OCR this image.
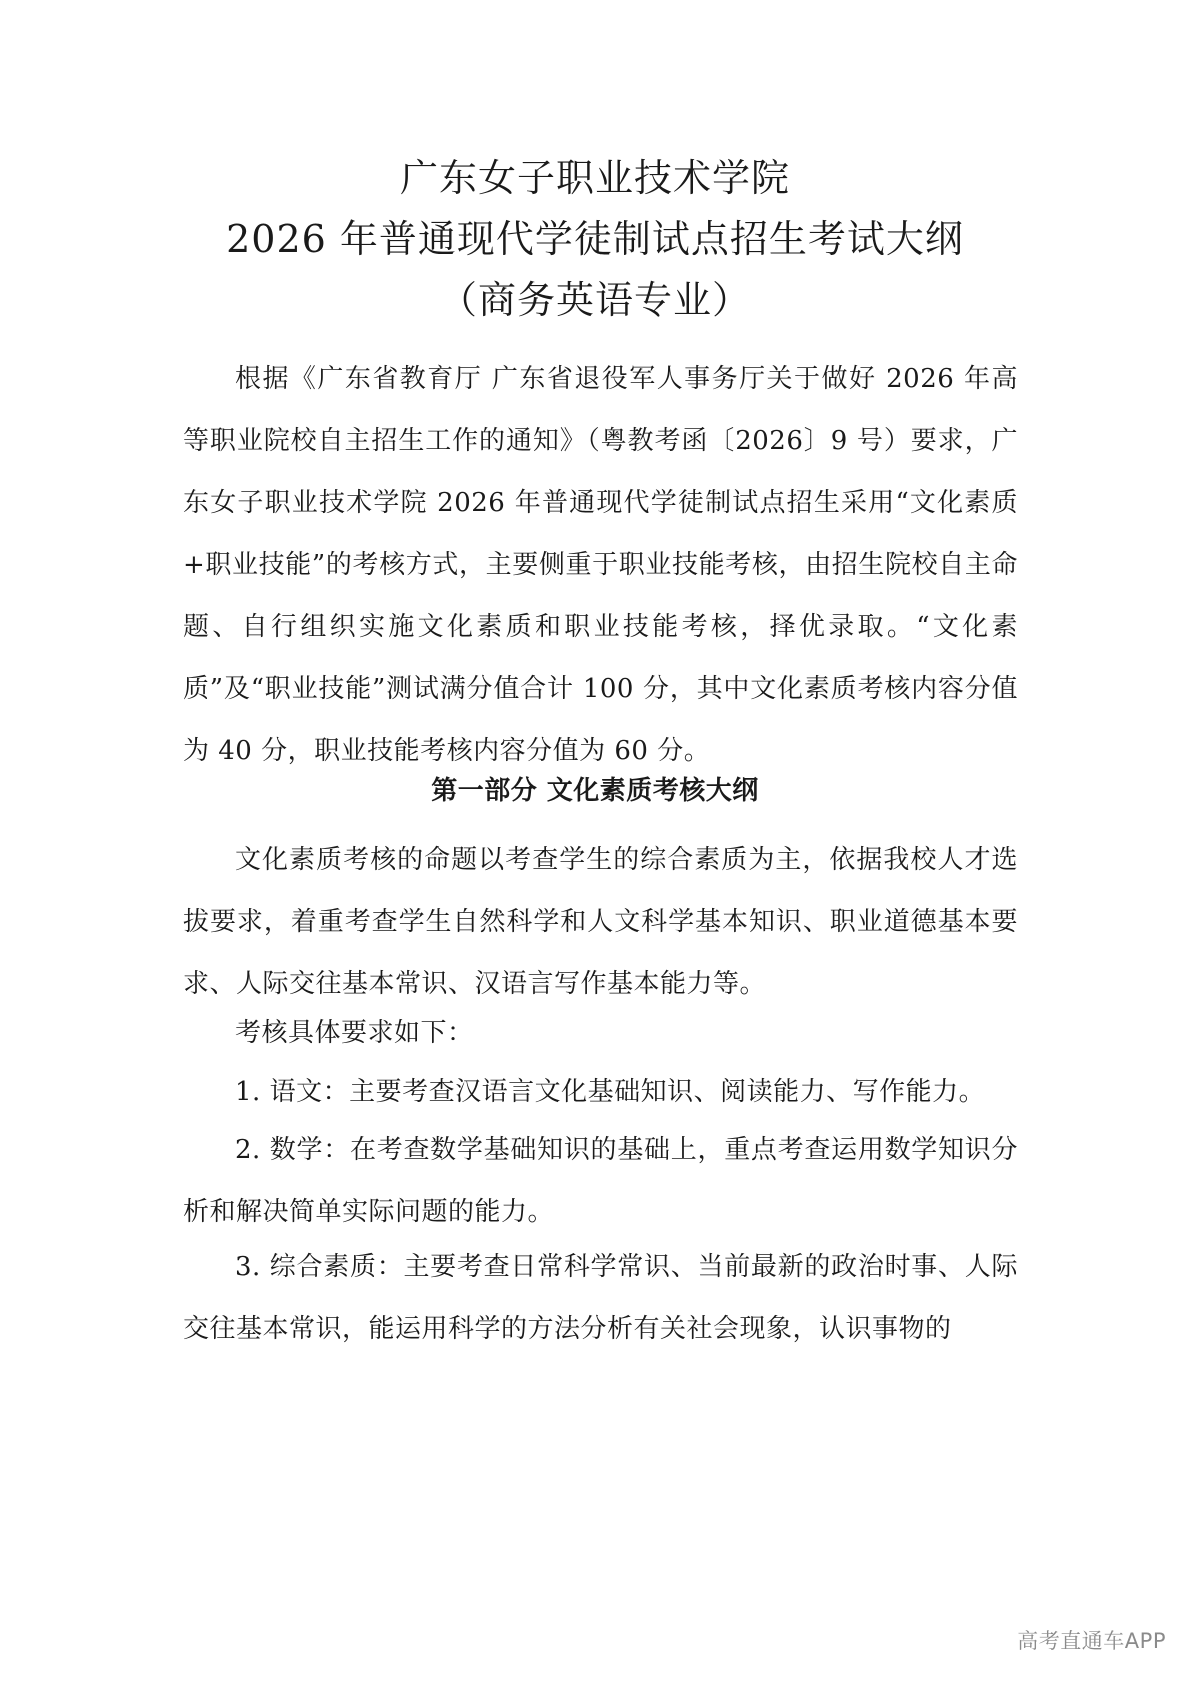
广东女子职业技术学院
2026 年普通现代学徒制试点招生考试大纲
（商务英语专业）
根据《广东省教育厅 广东省退役军人事务厅关于做好 2026 年高等职业院校自主招生工作的通知》（粤教考函〔2026〕9 号）要求，广东女子职业技术学院 2026 年普通现代学徒制试点招生采用“文化素质+职业技能”的考核方式，主要侧重于职业技能考核，由招生院校自主命题、自行组织实施文化素质和职业技能考核，择优录取。“文化素质”及“职业技能”测试满分值合计 100 分，其中文化素质考核内容分值为 40 分，职业技能考核内容分值为 60 分。
第一部分 文化素质考核大纲
文化素质考核的命题以考查学生的综合素质为主，依据我校人才选拔要求，着重考查学生自然科学和人文科学基本知识、职业道德基本要求、人际交往基本常识、汉语言写作基本能力等。
考核具体要求如下：
1. 语文：主要考查汉语言文化基础知识、阅读能力、写作能力。
2. 数学：在考查数学基础知识的基础上，重点考查运用数学知识分析和解决简单实际问题的能力。
3. 综合素质：主要考查日常科学常识、当前最新的政治时事、人际交往基本常识，能运用科学的方法分析有关社会现象，认识事物的
高考直通车APP
